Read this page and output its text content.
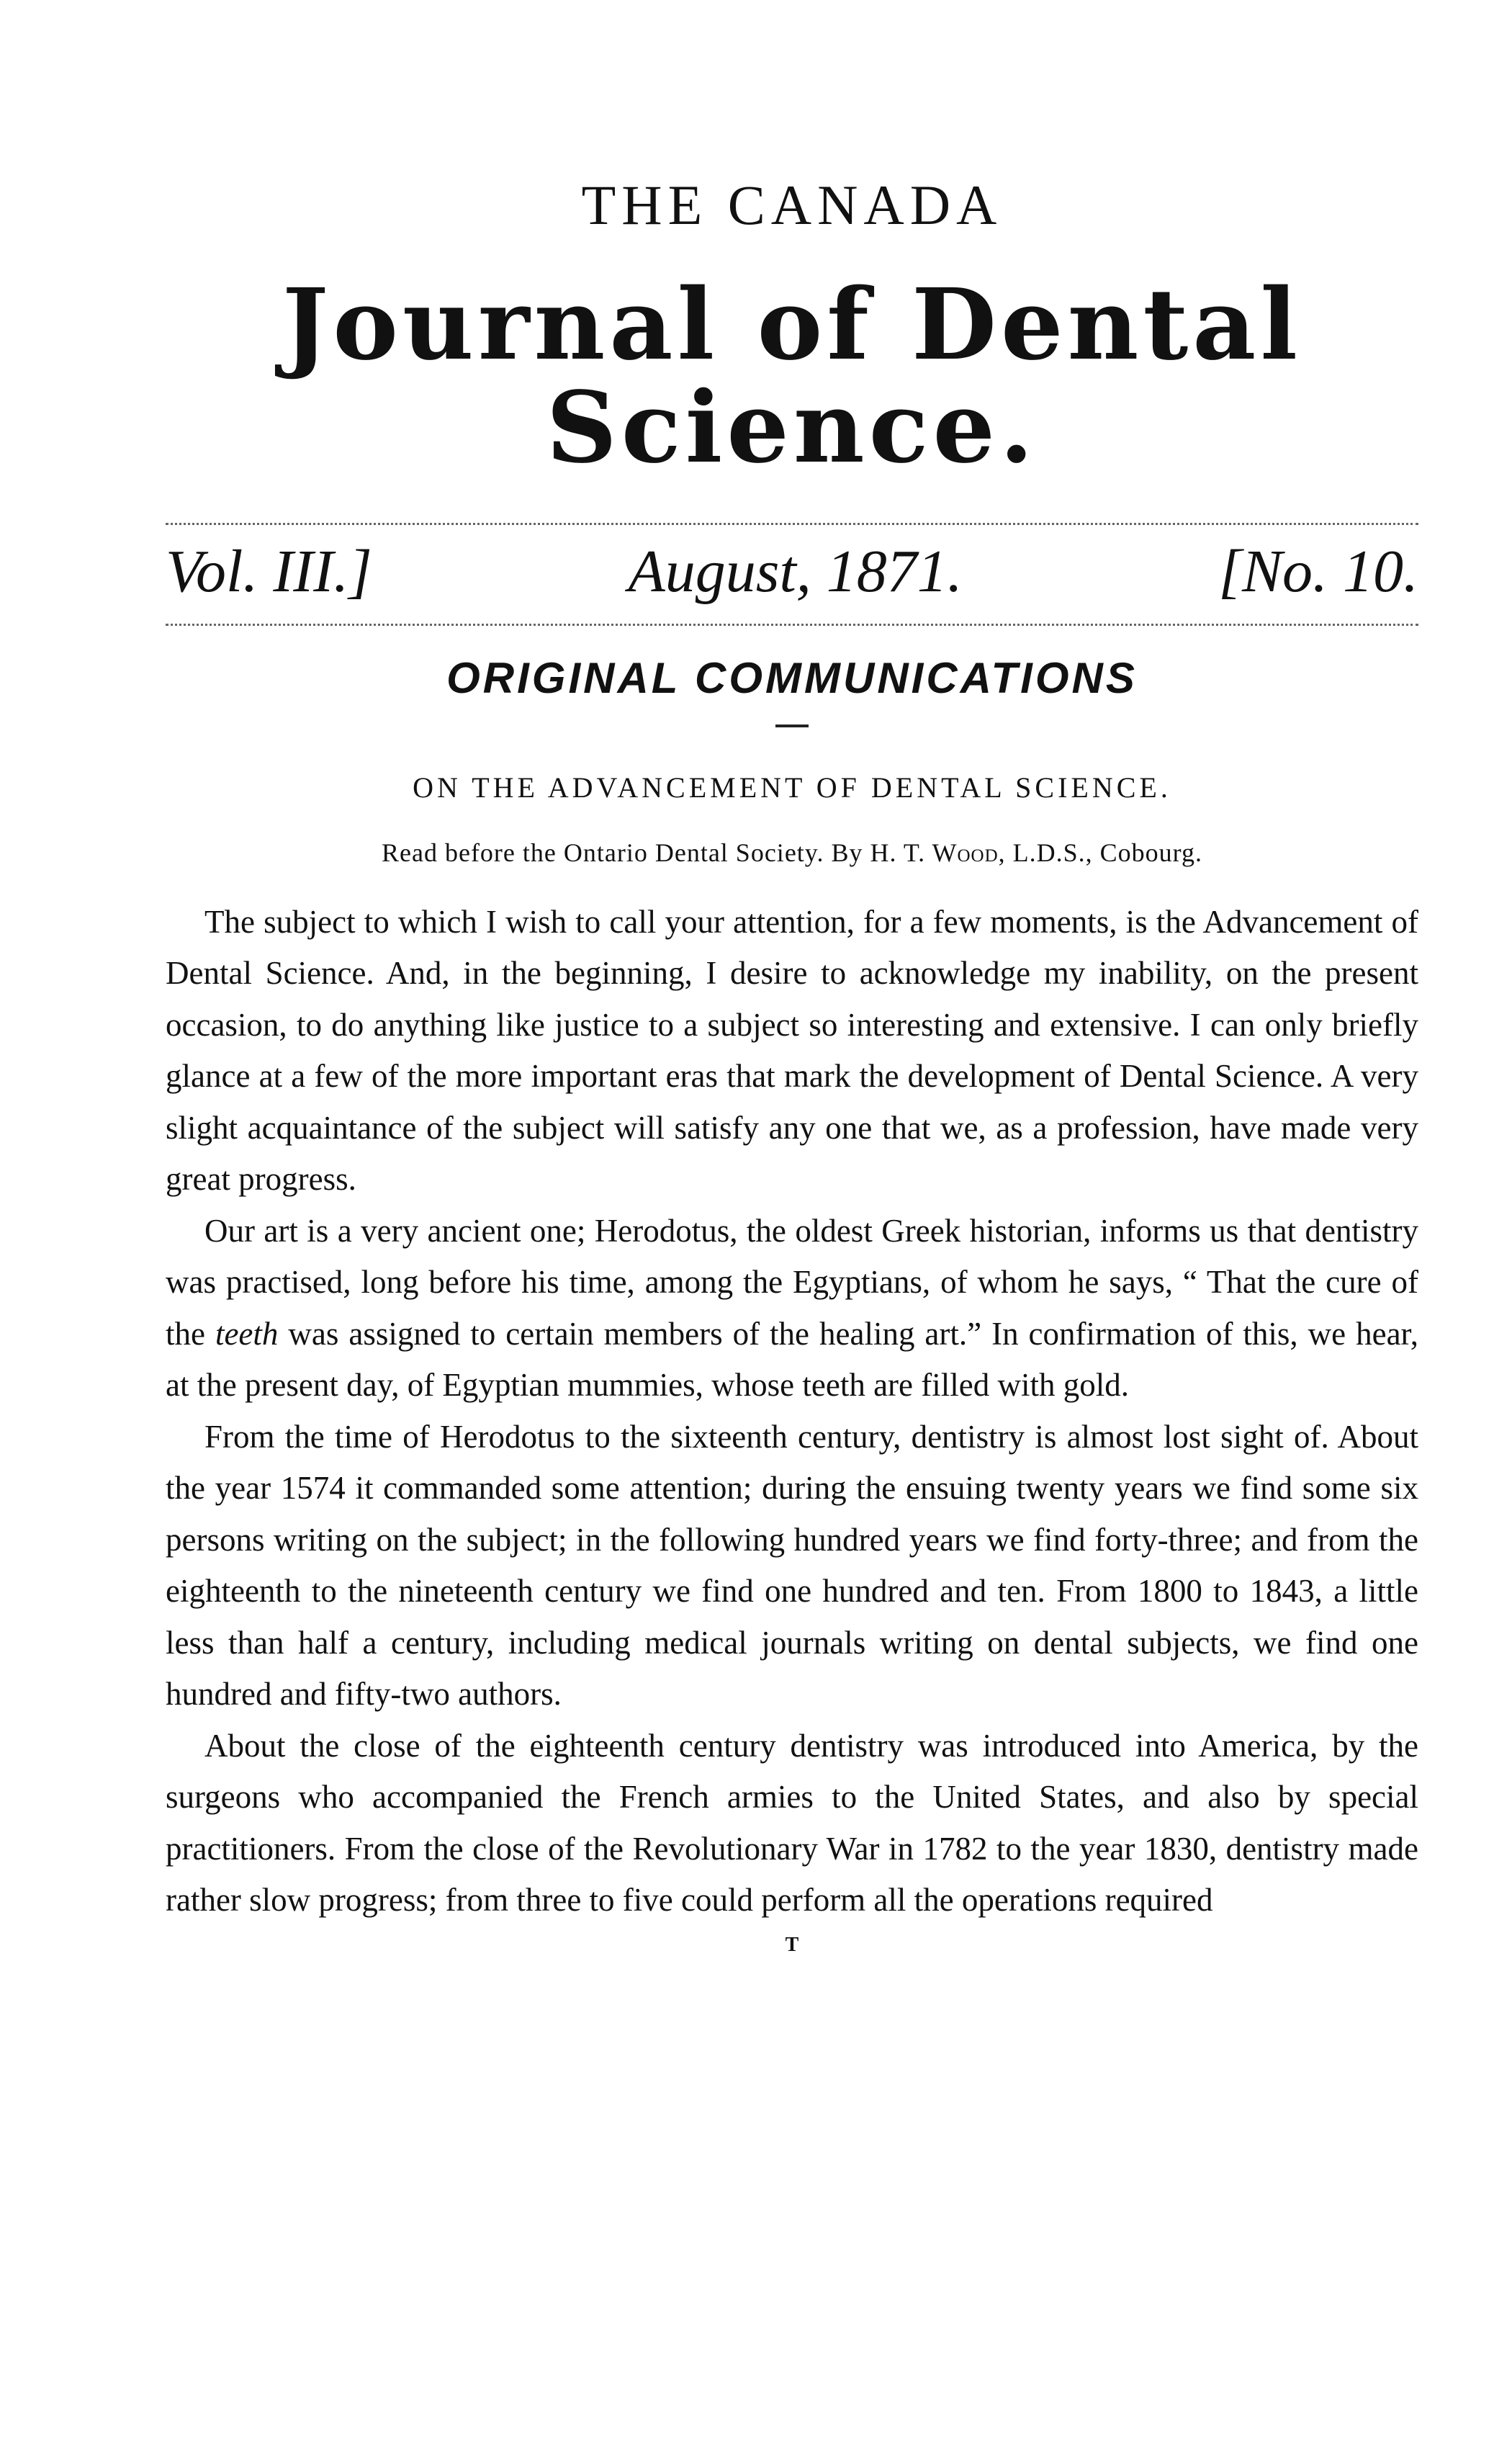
THE CANADA
Journal of Dental Science.
Vol. III.]	August, 1871.	[No. 10.
ORIGINAL COMMUNICATIONS
ON THE ADVANCEMENT OF DENTAL SCIENCE.
Read before the Ontario Dental Society. By H. T. Wood, L.D.S., Cobourg.

The subject to which I wish to call your attention, for a few moments, is the Advancement of Dental Science. And, in the beginning, I desire to acknowledge my inability, on the present occasion, to do anything like justice to a subject so interesting and extensive. I can only briefly glance at a few of the more important eras that mark the development of Dental Science. A very slight acquaintance of the subject will satisfy any one that we, as a profession, have made very great progress.

Our art is a very ancient one; Herodotus, the oldest Greek historian, informs us that dentistry was practised, long before his time, among the Egyptians, of whom he says, “ That the cure of the teeth was assigned to certain members of the healing art.” In confirmation of this, we hear, at the present day, of Egyptian mummies, whose teeth are filled with gold.

From the time of Herodotus to the sixteenth century, dentistry is almost lost sight of. About the year 1574 it commanded some attention; during the ensuing twenty years we find some six persons writing on the subject; in the following hundred years we find forty-three; and from the eighteenth to the nineteenth century we find one hundred and ten. From 1800 to 1843, a little less than half a century, including medical journals writing on dental subjects, we find one hundred and fifty-two authors.

About the close of the eighteenth century dentistry was introduced into America, by the surgeons who accompanied the French armies to the United States, and also by special practitioners. From the close of the Revolutionary War in 1782 to the year 1830, dentistry made rather slow progress; from three to five could perform all the operations required

T
